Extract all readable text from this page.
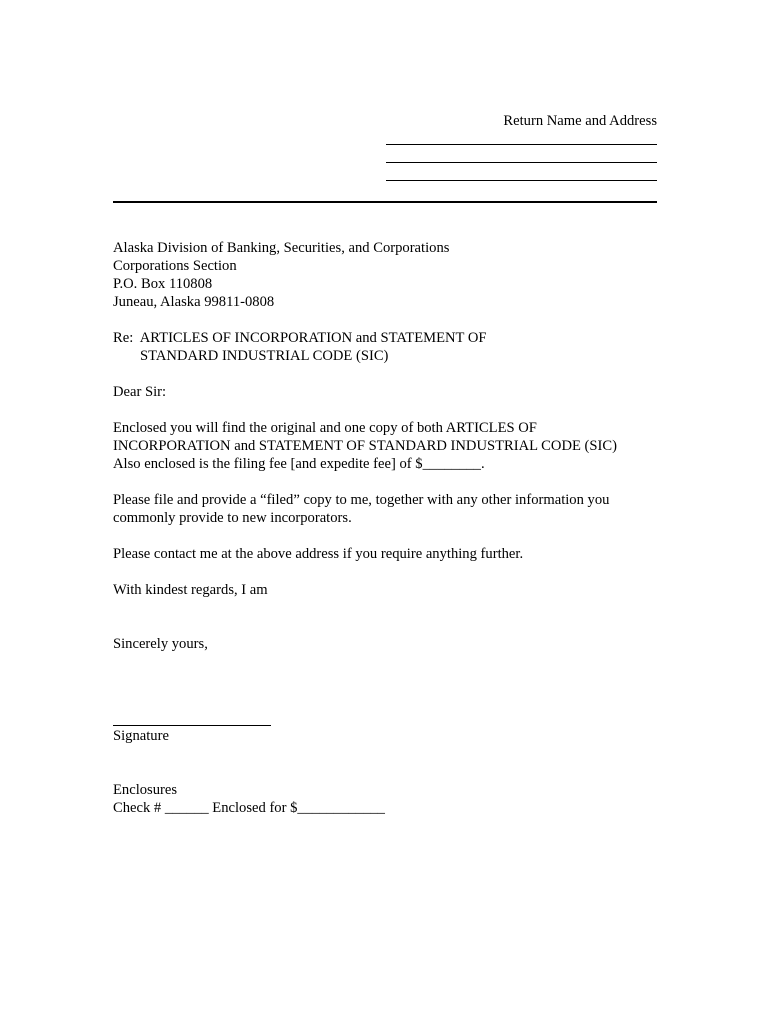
Return Name and Address
Alaska Division of Banking, Securities, and Corporations
Corporations Section
P.O. Box 110808
Juneau, Alaska 99811-0808
Re:  ARTICLES OF INCORPORATION and STATEMENT OF
STANDARD INDUSTRIAL CODE (SIC)
Dear Sir:
Enclosed you will find the original and one copy of both ARTICLES OF
INCORPORATION and STATEMENT OF STANDARD INDUSTRIAL CODE (SIC)
Also enclosed is the filing fee [and expedite fee] of $________.
Please file and provide a “filed” copy to me, together with any other information you
commonly provide to new incorporators.
Please contact me at the above address if you require anything further.
With kindest regards, I am
Sincerely yours,
Signature
Enclosures
Check # ______ Enclosed for $____________
